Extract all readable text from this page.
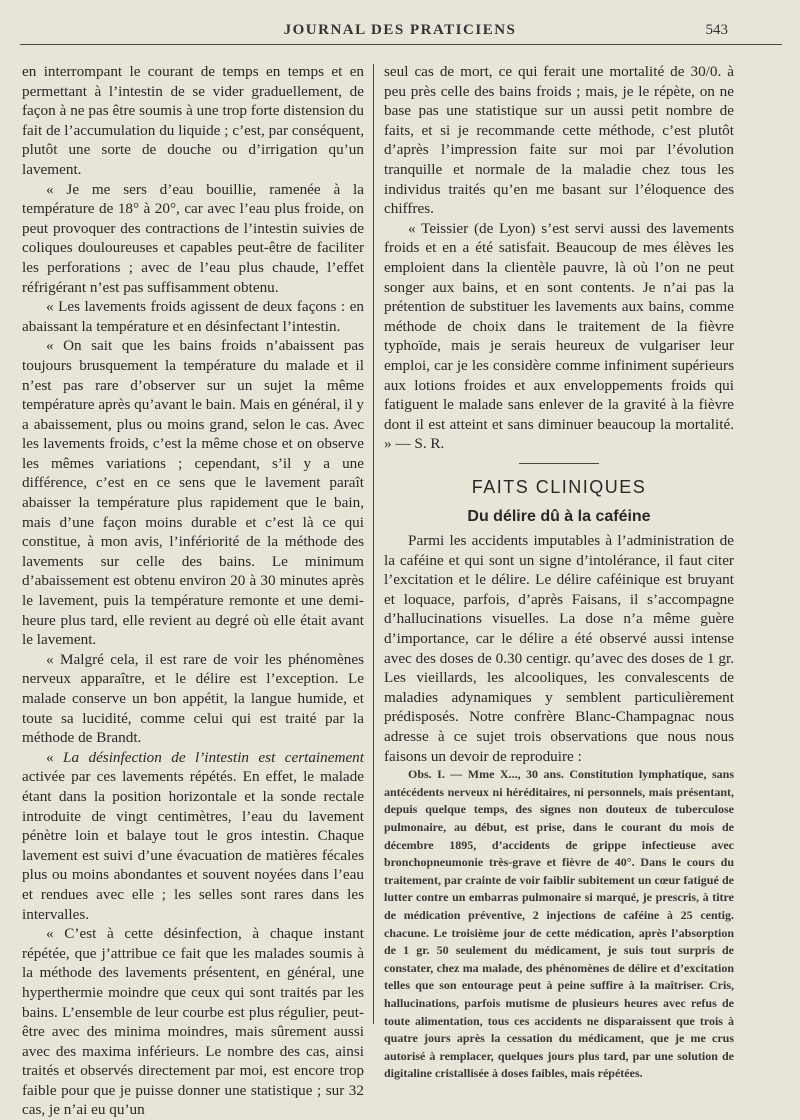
JOURNAL DES PRATICIENS	543

en interrompant le courant de temps en temps et en permettant à l’intestin de se vider graduellement, de façon à ne pas être soumis à une trop forte distension du fait de l’accumulation du liquide ; c’est, par conséquent, plutôt une sorte de douche ou d’irrigation qu’un lavement.

« Je me sers d’eau bouillie, ramenée à la température de 18° à 20°, car avec l’eau plus froide, on peut provoquer des contractions de l’intestin suivies de coliques douloureuses et capables peut-être de faciliter les perforations ; avec de l’eau plus chaude, l’effet réfrigérant n’est pas suffisamment obtenu.

« Les lavements froids agissent de deux façons : en abaissant la température et en désinfectant l’intestin.

« On sait que les bains froids n’abaissent pas toujours brusquement la température du malade et il n’est pas rare d’observer sur un sujet la même température après qu’avant le bain. Mais en général, il y a abaissement, plus ou moins grand, selon le cas. Avec les lavements froids, c’est la même chose et on observe les mêmes variations ; cependant, s’il y a une différence, c’est en ce sens que le lavement paraît abaisser la température plus rapidement que le bain, mais d’une façon moins durable et c’est là ce qui constitue, à mon avis, l’infériorité de la méthode des lavements sur celle des bains. Le minimum d’abaissement est obtenu environ 20 à 30 minutes après le lavement, puis la température remonte et une demi-heure plus tard, elle revient au degré où elle était avant le lavement.

« Malgré cela, il est rare de voir les phénomènes nerveux apparaître, et le délire est l’exception. Le malade conserve un bon appétit, la langue humide, et toute sa lucidité, comme celui qui est traité par la méthode de Brandt.

« La désinfection de l’intestin est certainement activée par ces lavements répétés. En effet, le malade étant dans la position horizontale et la sonde rectale introduite de vingt centimètres, l’eau du lavement pénètre loin et balaye tout le gros intestin. Chaque lavement est suivi d’une évacuation de matières fécales plus ou moins abondantes et souvent noyées dans l’eau et rendues avec elle ; les selles sont rares dans les intervalles.

« C’est à cette désinfection, à chaque instant répétée, que j’attribue ce fait que les malades soumis à la méthode des lavements présentent, en général, une hyperthermie moindre que ceux qui sont traités par les bains. L’ensemble de leur courbe est plus régulier, peut-être avec des minima moindres, mais sûrement aussi avec des maxima inférieurs. Le nombre des cas, ainsi traités et observés directement par moi, est encore trop faible pour que je puisse donner une statistique ; sur 32 cas, je n’ai eu qu’un

seul cas de mort, ce qui ferait une mortalité de 30/0. à peu près celle des bains froids ; mais, je le répète, on ne base pas une statistique sur un aussi petit nombre de faits, et si je recommande cette méthode, c’est plutôt d’après l’impression faite sur moi par l’évolution tranquille et normale de la maladie chez tous les individus traités qu’en me basant sur l’éloquence des chiffres.

« Teissier (de Lyon) s’est servi aussi des lavements froids et en a été satisfait. Beaucoup de mes élèves les emploient dans la clientèle pauvre, là où l’on ne peut songer aux bains, et en sont contents. Je n’ai pas la prétention de substituer les lavements aux bains, comme méthode de choix dans le traitement de la fièvre typhoïde, mais je serais heureux de vulgariser leur emploi, car je les considère comme infiniment supérieurs aux lotions froides et aux enveloppements froids qui fatiguent le malade sans enlever de la gravité à la fièvre dont il est atteint et sans diminuer beaucoup la mortalité. » — S. R.

FAITS CLINIQUES
Du délire dû à la caféine

Parmi les accidents imputables à l’administration de la caféine et qui sont un signe d’intolérance, il faut citer l’excitation et le délire. Le délire caféinique est bruyant et loquace, parfois, d’après Faisans, il s’accompagne d’hallucinations visuelles. La dose n’a même guère d’importance, car le délire a été observé aussi intense avec des doses de 0.30 centigr. qu’avec des doses de 1 gr. Les vieillards, les alcooliques, les convalescents de maladies adynamiques y semblent particulièrement prédisposés. Notre confrère Blanc-Champagnac nous adresse à ce sujet trois observations que nous nous faisons un devoir de reproduire :

Obs. I. — Mme X..., 30 ans. Constitution lymphatique, sans antécédents nerveux ni héréditaires, ni personnels, mais présentant, depuis quelque temps, des signes non douteux de tuberculose pulmonaire, au début, est prise, dans le courant du mois de décembre 1895, d’accidents de grippe infectieuse avec bronchopneumonie très-grave et fièvre de 40°. Dans le cours du traitement, par crainte de voir faiblir subitement un cœur fatigué de lutter contre un embarras pulmonaire si marqué, je prescris, à titre de médication préventive, 2 injections de caféine à 25 centig. chacune. Le troisième jour de cette médication, après l’absorption de 1 gr. 50 seulement du médicament, je suis tout surpris de constater, chez ma malade, des phénomènes de délire et d’excitation telles que son entourage peut à peine suffire à la maîtriser. Cris, hallucinations, parfois mutisme de plusieurs heures avec refus de toute alimentation, tous ces accidents ne disparaissent que trois à quatre jours après la cessation du médicament, que je me crus autorisé à remplacer, quelques jours plus tard, par une solution de digitaline cristallisée à doses faibles, mais répétées.
